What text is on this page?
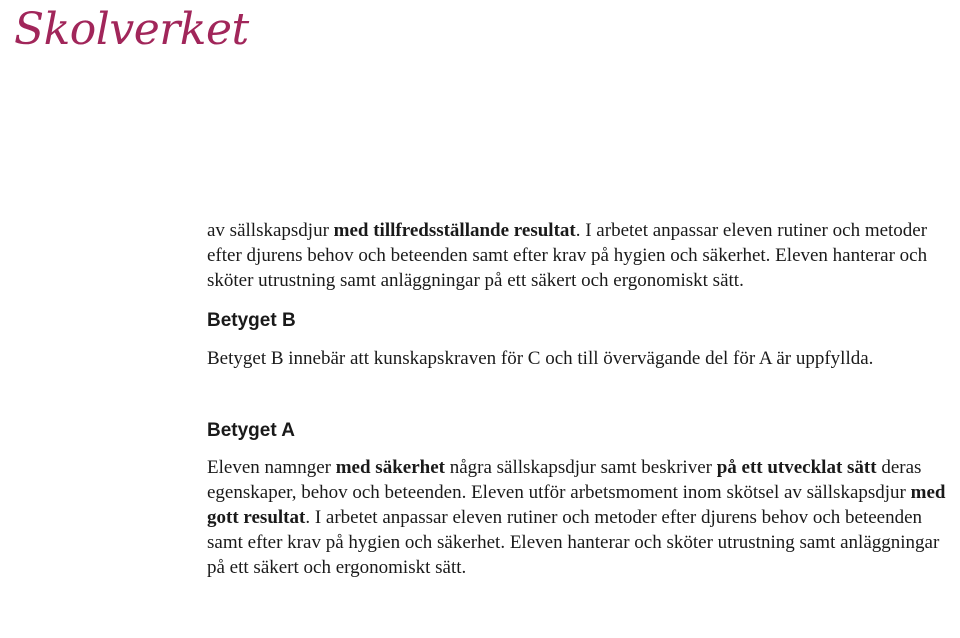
Skolverket

av sällskapsdjur med tillfredsställande resultat. I arbetet anpassar eleven rutiner och metoder efter djurens behov och beteenden samt efter krav på hygien och säkerhet. Eleven hanterar och sköter utrustning samt anläggningar på ett säkert och ergonomiskt sätt.

Betyget B

Betyget B innebär att kunskapskraven för C och till övervägande del för A är uppfyllda.

Betyget A

Eleven namnger med säkerhet några sällskapsdjur samt beskriver på ett utvecklat sätt deras egenskaper, behov och beteenden. Eleven utför arbetsmoment inom skötsel av sällskapsdjur med gott resultat. I arbetet anpassar eleven rutiner och metoder efter djurens behov och beteenden samt efter krav på hygien och säkerhet. Eleven hanterar och sköter utrustning samt anläggningar på ett säkert och ergonomiskt sätt.
